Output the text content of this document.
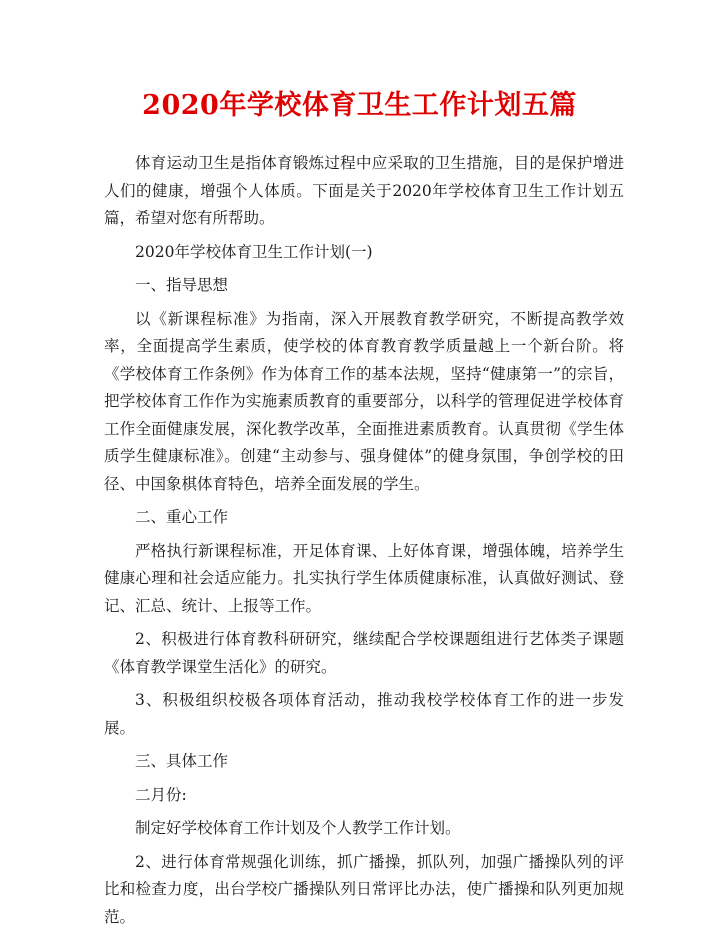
2020年学校体育卫生工作计划五篇

体育运动卫生是指体育锻炼过程中应采取的卫生措施，目的是保护增进人们的健康，增强个人体质。下面是关于2020年学校体育卫生工作计划五篇，希望对您有所帮助。

2020年学校体育卫生工作计划(一)

一、指导思想

以《新课程标准》为指南，深入开展教育教学研究，不断提高教学效率，全面提高学生素质，使学校的体育教育教学质量越上一个新台阶。将《学校体育工作条例》作为体育工作的基本法规，坚持“健康第一”的宗旨，把学校体育工作作为实施素质教育的重要部分，以科学的管理促进学校体育工作全面健康发展，深化教学改革，全面推进素质教育。认真贯彻《学生体质学生健康标准》。创建“主动参与、强身健体”的健身氛围，争创学校的田径、中国象棋体育特色，培养全面发展的学生。

二、重心工作

严格执行新课程标准，开足体育课、上好体育课，增强体魄，培养学生健康心理和社会适应能力。扎实执行学生体质健康标准，认真做好测试、登记、汇总、统计、上报等工作。

2、积极进行体育教科研研究，继续配合学校课题组进行艺体类子课题《体育教学课堂生活化》的研究。

3、积极组织校极各项体育活动，推动我校学校体育工作的进一步发展。

三、具体工作

二月份:

制定好学校体育工作计划及个人教学工作计划。

2、进行体育常规强化训练，抓广播操，抓队列，加强广播操队列的评比和检查力度，出台学校广播操队列日常评比办法，使广播操和队列更加规范。
